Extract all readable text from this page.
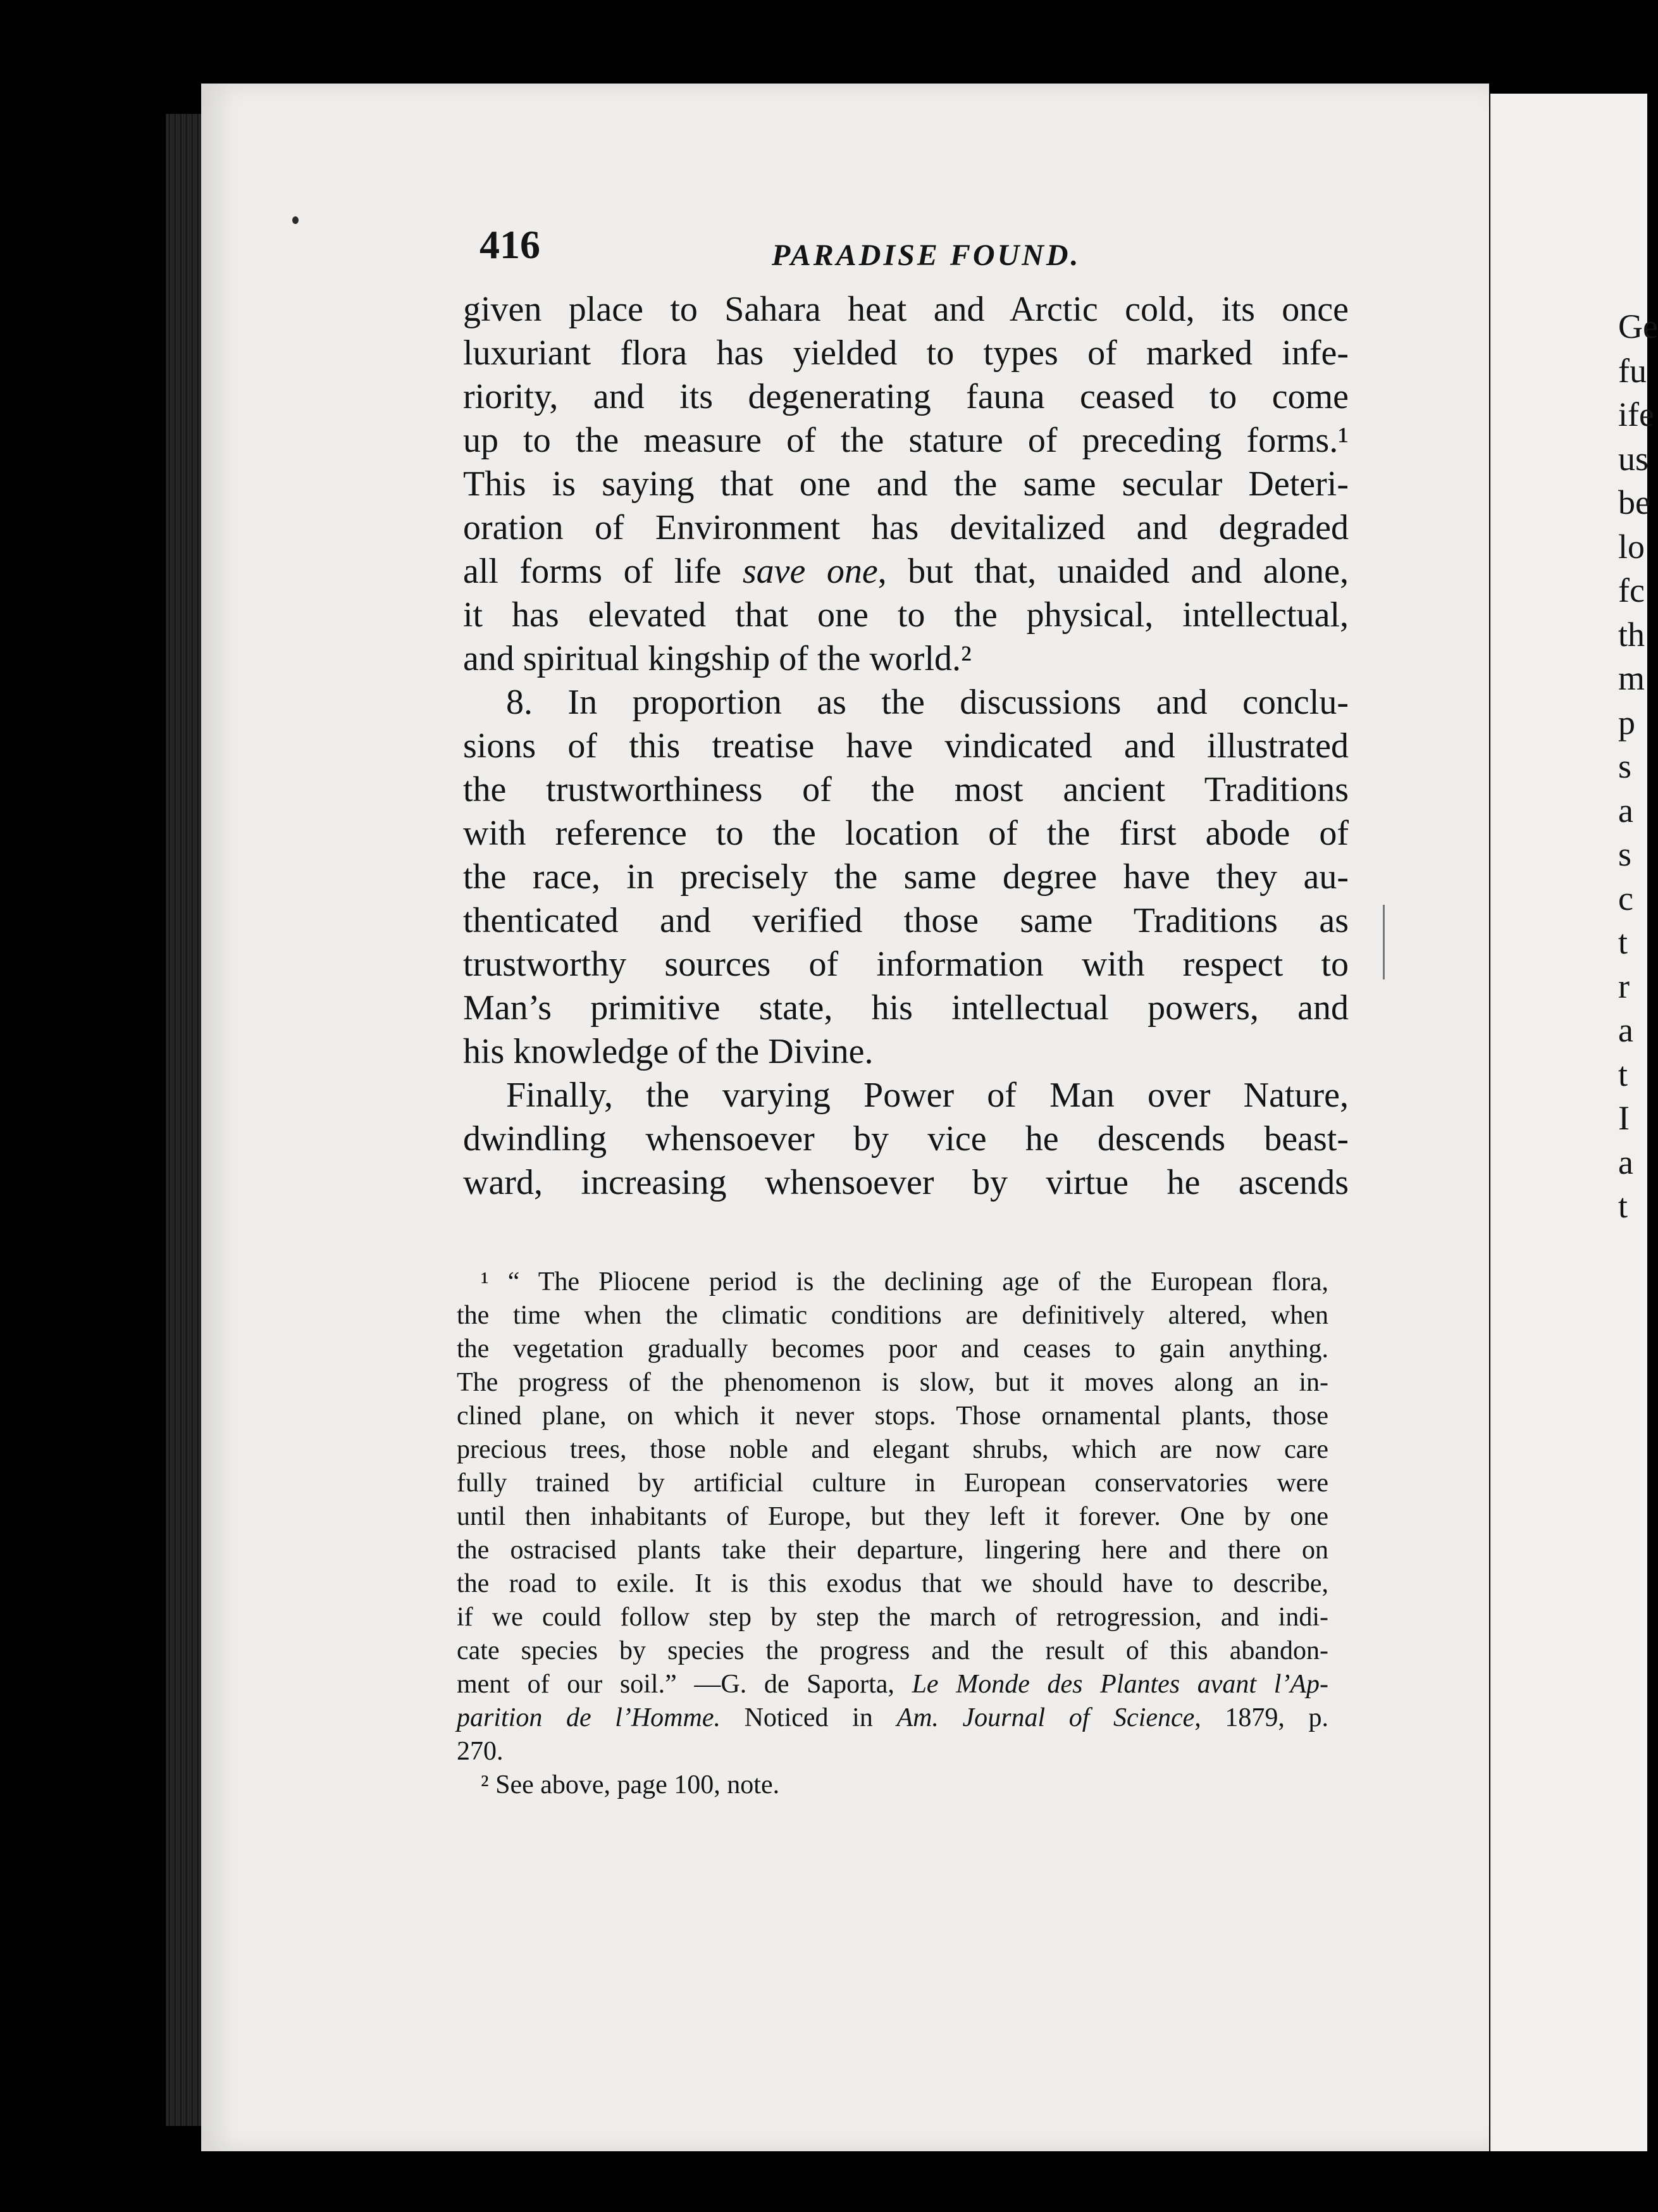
Ge
fu
ife
us
be
lo
fc
th
m
p
s
a
s
c
t
r
a
t
I
a
t
416	PARADISE FOUND.
given place to Sahara heat and Arctic cold, its once
luxuriant flora has yielded to types of marked infe-
riority, and its degenerating fauna ceased to come
up to the measure of the stature of preceding forms.¹
This is saying that one and the same secular Deteri-
oration of Environment has devitalized and degraded
all forms of life save one, but that, unaided and alone,
it has elevated that one to the physical, intellectual,
and spiritual kingship of the world.²
8. In proportion as the discussions and conclu-
sions of this treatise have vindicated and illustrated
the trustworthiness of the most ancient Traditions
with reference to the location of the first abode of
the race, in precisely the same degree have they au-
thenticated and verified those same Traditions as
trustworthy sources of information with respect to
Man’s primitive state, his intellectual powers, and
his knowledge of the Divine.
Finally, the varying Power of Man over Nature,
dwindling whensoever by vice he descends beast-
ward, increasing whensoever by virtue he ascends
¹ “ The Pliocene period is the declining age of the European flora,
the time when the climatic conditions are definitively altered, when
the vegetation gradually becomes poor and ceases to gain anything.
The progress of the phenomenon is slow, but it moves along an in-
clined plane, on which it never stops. Those ornamental plants, those
precious trees, those noble and elegant shrubs, which are now care
fully trained by artificial culture in European conservatories were
until then inhabitants of Europe, but they left it forever. One by one
the ostracised plants take their departure, lingering here and there on
the road to exile. It is this exodus that we should have to describe,
if we could follow step by step the march of retrogression, and indi-
cate species by species the progress and the result of this abandon-
ment of our soil.” —G. de Saporta, Le Monde des Plantes avant l’Ap-
parition de l’Homme. Noticed in Am. Journal of Science, 1879, p.
270.
² See above, page 100, note.
